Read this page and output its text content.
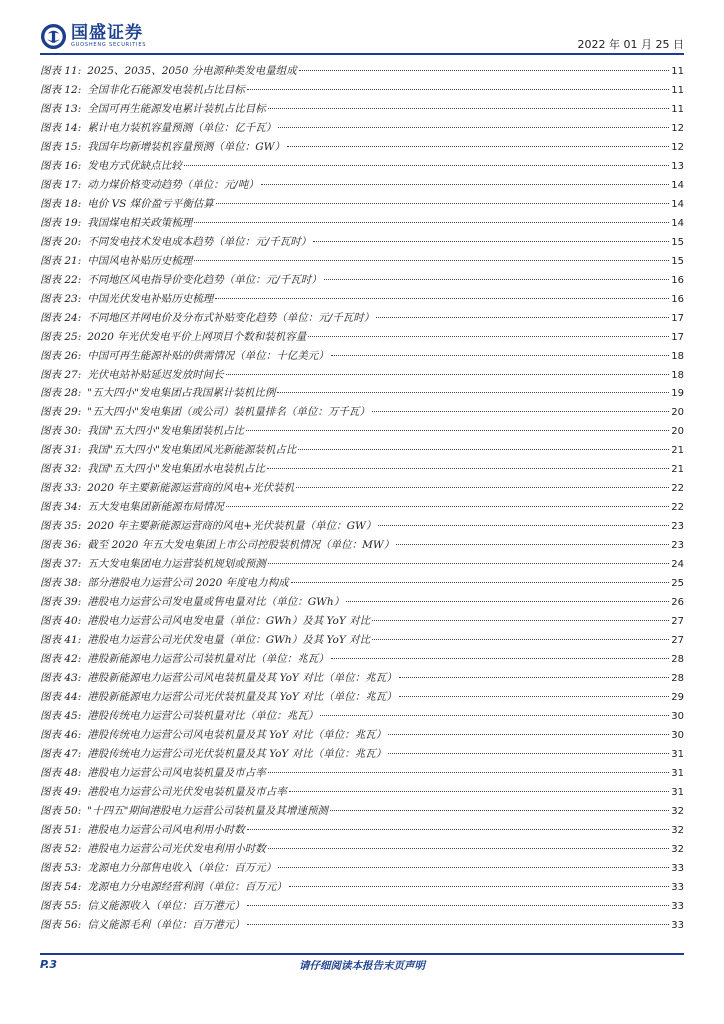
国盛证券
GUOSHENG SECURITIES	2022 年 01 月 25 日
图表 11: 2025、2035、2050 分电源种类发电量组成	11
图表 12: 全国非化石能源发电装机占比目标	11
图表 13: 全国可再生能源发电累计装机占比目标	11
图表 14: 累计电力装机容量预测（单位：亿千瓦）	12
图表 15: 我国年均新增装机容量预测（单位：GW）	12
图表 16: 发电方式优缺点比较	13
图表 17: 动力煤价格变动趋势（单位：元/吨）	14
图表 18: 电价 VS 煤价盈亏平衡估算	14
图表 19: 我国煤电相关政策梳理	14
图表 20: 不同发电技术发电成本趋势（单位：元/千瓦时）	15
图表 21: 中国风电补贴历史梳理	15
图表 22: 不同地区风电指导价变化趋势（单位：元/千瓦时）	16
图表 23: 中国光伏发电补贴历史梳理	16
图表 24: 不同地区并网电价及分布式补贴变化趋势（单位：元/千瓦时）	17
图表 25: 2020 年光伏发电平价上网项目个数和装机容量	17
图表 26: 中国可再生能源补贴的供需情况（单位：十亿美元）	18
图表 27: 光伏电站补贴延迟发放时间长	18
图表 28: "五大四小"发电集团占我国累计装机比例	19
图表 29: "五大四小"发电集团（或公司）装机量排名（单位：万千瓦）	20
图表 30: 我国"五大四小"发电集团装机占比	20
图表 31: 我国"五大四小"发电集团风光新能源装机占比	21
图表 32: 我国"五大四小"发电集团水电装机占比	21
图表 33: 2020 年主要新能源运营商的风电+光伏装机	22
图表 34: 五大发电集团新能源布局情况	22
图表 35: 2020 年主要新能源运营商的风电+光伏装机量（单位：GW）	23
图表 36: 截至 2020 年五大发电集团上市公司控股装机情况（单位：MW）	23
图表 37: 五大发电集团电力运营装机规划或预测	24
图表 38: 部分港股电力运营公司 2020 年度电力构成	25
图表 39: 港股电力运营公司发电量或售电量对比（单位：GWh）	26
图表 40: 港股电力运营公司风电发电量（单位：GWh）及其 YoY 对比	27
图表 41: 港股电力运营公司光伏发电量（单位：GWh）及其 YoY 对比	27
图表 42: 港股新能源电力运营公司装机量对比（单位：兆瓦）	28
图表 43: 港股新能源电力运营公司风电装机量及其 YoY 对比（单位：兆瓦）	28
图表 44: 港股新能源电力运营公司光伏装机量及其 YoY 对比（单位：兆瓦）	29
图表 45: 港股传统电力运营公司装机量对比（单位：兆瓦）	30
图表 46: 港股传统电力运营公司风电装机量及其 YoY 对比（单位：兆瓦）	30
图表 47: 港股传统电力运营公司光伏装机量及其 YoY 对比（单位：兆瓦）	31
图表 48: 港股电力运营公司风电装机量及市占率	31
图表 49: 港股电力运营公司光伏发电装机量及市占率	31
图表 50: "十四五"期间港股电力运营公司装机量及其增速预测	32
图表 51: 港股电力运营公司风电利用小时数	32
图表 52: 港股电力运营公司光伏发电利用小时数	32
图表 53: 龙源电力分部售电收入（单位：百万元）	33
图表 54: 龙源电力分电源经营利润（单位：百万元）	33
图表 55: 信义能源收入（单位：百万港元）	33
图表 56: 信义能源毛利（单位：百万港元）	33
P.3	请仔细阅读本报告末页声明
